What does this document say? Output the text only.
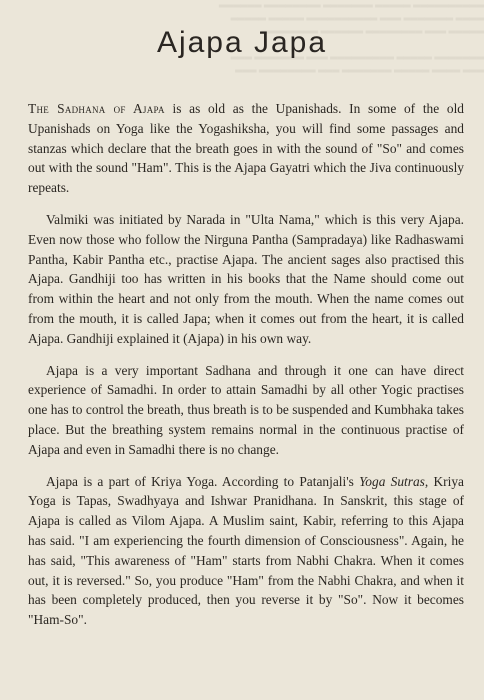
══════════ ═════ ═══════ ════════ ══════
════ ═══════ ═══ ══════════ ═════ ═════
═════ ═══ ════════ ══════ ════════

═══════ ═════ ═════════ ═══ ═══════ ═══
═══ ════ ═════ ═══════ ═══ ════════ ═══
Ajapa Japa

The Sadhana of Ajapa is as old as the Upanishads. In some of the old Upanishads on Yoga like the Yogashiksha, you will find some passages and stanzas which declare that the breath goes in with the sound of "So" and comes out with the sound "Ham". This is the Ajapa Gayatri which the Jiva continuously repeats.

Valmiki was initiated by Narada in "Ulta Nama," which is this very Ajapa. Even now those who follow the Nirguna Pantha (Sampradaya) like Radhaswami Pantha, Kabir Pantha etc., practise Ajapa. The ancient sages also practised this Ajapa. Gandhiji too has written in his books that the Name should come out from within the heart and not only from the mouth. When the name comes out from the mouth, it is called Japa; when it comes out from the heart, it is called Ajapa. Gandhiji explained it (Ajapa) in his own way.

Ajapa is a very important Sadhana and through it one can have direct experience of Samadhi. In order to attain Samadhi by all other Yogic practises one has to control the breath, thus breath is to be suspended and Kumbhaka takes place. But the breathing system remains normal in the continuous practise of Ajapa and even in Samadhi there is no change.

Ajapa is a part of Kriya Yoga. According to Patanjali's Yoga Sutras, Kriya Yoga is Tapas, Swadhyaya and Ishwar Pranidhana. In Sanskrit, this stage of Ajapa is called as Vilom Ajapa. A Muslim saint, Kabir, referring to this Ajapa has said. "I am experiencing the fourth dimension of Consciousness". Again, he has said, "This awareness of "Ham" starts from Nabhi Chakra. When it comes out, it is reversed." So, you produce "Ham" from the Nabhi Chakra, and when it has been completely produced, then you reverse it by "So". Now it becomes "Ham-So".
